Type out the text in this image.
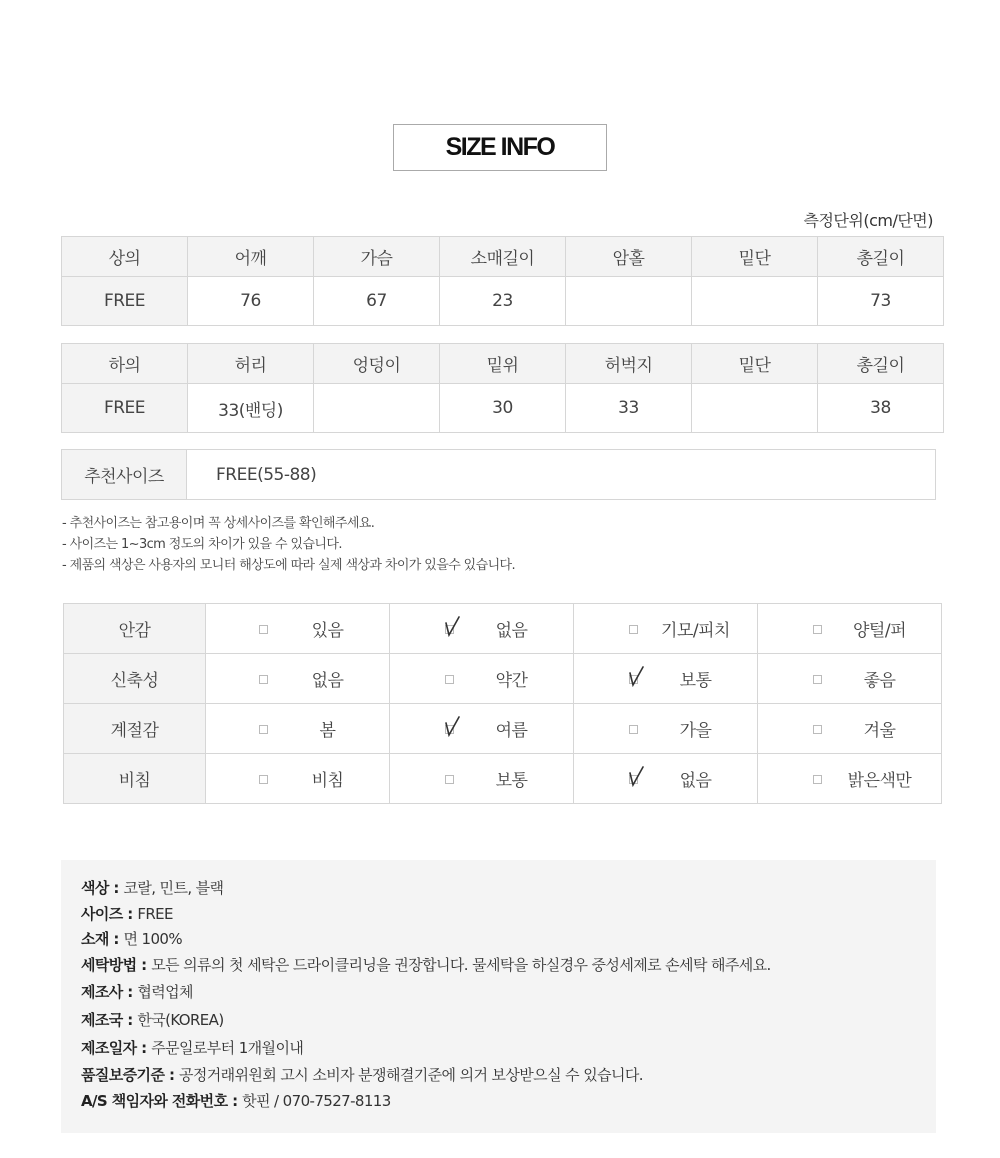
SIZE INFO
측정단위(cm/단면)
상의	어깨	가슴	소매길이	암홀	밑단	총길이
FREE	76	67	23			73
하의	허리	엉덩이	밑위	허벅지	밑단	총길이
FREE	33(밴딩)		30	33		38
추천사이즈	FREE(55-88)
- 추천사이즈는 참고용이며 꼭 상세사이즈를 확인해주세요.
- 사이즈는 1~3cm 정도의 차이가 있을 수 있습니다.
- 제품의 색상은 사용자의 모니터 해상도에 따라 실제 색상과 차이가 있을수 있습니다.
안감	있음	없음	기모/피치	양털/퍼
신축성	없음	약간	보통	좋음
계절감	봄	여름	가을	겨울
비침	비침	보통	없음	밝은색만
색상 : 코랄, 민트, 블랙
사이즈 : FREE
소재 : 면 100%
세탁방법 : 모든 의류의 첫 세탁은 드라이클리닝을 권장합니다. 물세탁을 하실경우 중성세제로 손세탁 해주세요.
제조사 : 협력업체
제조국 : 한국(KOREA)
제조일자 : 주문일로부터 1개월이내
품질보증기준 : 공정거래위원회 고시 소비자 분쟁해결기준에 의거 보상받으실 수 있습니다.
A/S 책임자와 전화번호 : 핫핀 / 070-7527-8113
